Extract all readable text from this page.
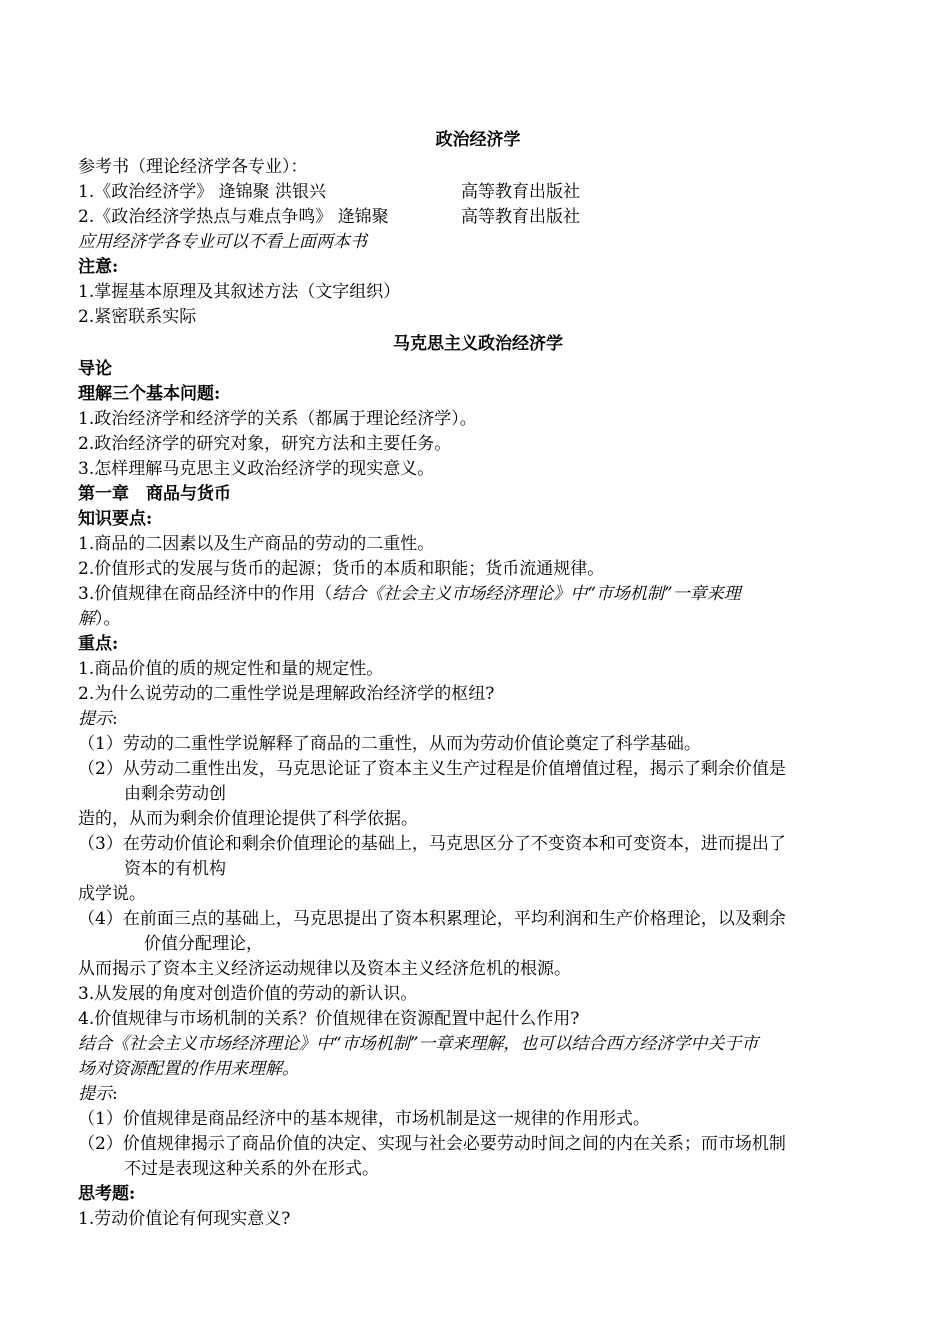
政治经济学
参考书（理论经济学各专业）：
1.《政治经济学》 逄锦聚 洪银兴	高等教育出版社
2.《政治经济学热点与难点争鸣》 逄锦聚	高等教育出版社
应用经济学各专业可以不看上面两本书
注意:
1.掌握基本原理及其叙述方法（文字组织）
2.紧密联系实际
马克思主义政治经济学
导论
理解三个基本问题:
1.政治经济学和经济学的关系（都属于理论经济学）。
2.政治经济学的研究对象，研究方法和主要任务。
3.怎样理解马克思主义政治经济学的现实意义。
第一章　商品与货币
知识要点:
1.商品的二因素以及生产商品的劳动的二重性。
2.价值形式的发展与货币的起源；货币的本质和职能；货币流通规律。
3.价值规律在商品经济中的作用（结合《社会主义市场经济理论》中“市场机制”一章来理
解）。
重点:
1.商品价值的质的规定性和量的规定性。
2.为什么说劳动的二重性学说是理解政治经济学的枢纽?
提示:
（1）劳动的二重性学说解释了商品的二重性，从而为劳动价值论奠定了科学基础。
（2）从劳动二重性出发，马克思论证了资本主义生产过程是价值增值过程，揭示了剩余价值是
由剩余劳动创
造的，从而为剩余价值理论提供了科学依据。
（3）在劳动价值论和剩余价值理论的基础上，马克思区分了不变资本和可变资本，进而提出了
资本的有机构
成学说。
（4）在前面三点的基础上，马克思提出了资本积累理论，平均利润和生产价格理论，以及剩余
价值分配理论，
从而揭示了资本主义经济运动规律以及资本主义经济危机的根源。
3.从发展的角度对创造价值的劳动的新认识。
4.价值规律与市场机制的关系？价值规律在资源配置中起什么作用?
结合《社会主义市场经济理论》中“市场机制”一章来理解，也可以结合西方经济学中关于市
场对资源配置的作用来理解。
提示:
（1）价值规律是商品经济中的基本规律，市场机制是这一规律的作用形式。
（2）价值规律揭示了商品价值的决定、实现与社会必要劳动时间之间的内在关系；而市场机制
不过是表现这种关系的外在形式。
思考题:
1.劳动价值论有何现实意义?
